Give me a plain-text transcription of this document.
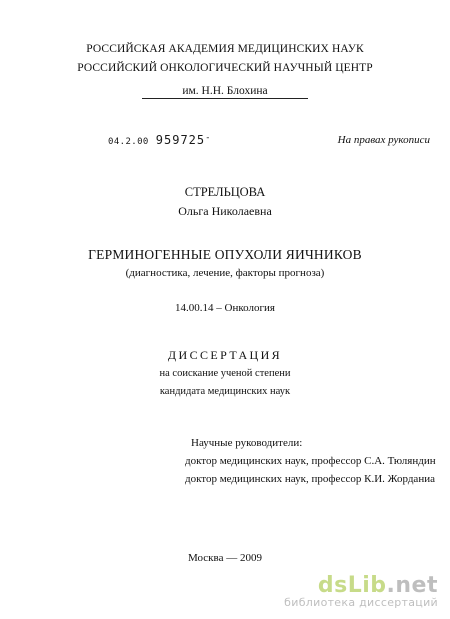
РОССИЙСКАЯ АКАДЕМИЯ МЕДИЦИНСКИХ НАУК
РОССИЙСКИЙ ОНКОЛОГИЧЕСКИЙ НАУЧНЫЙ ЦЕНТР
им. Н.Н. Блохина
04.2.00 959725-	На правах рукописи
СТРЕЛЬЦОВА
Ольга Николаевна
ГЕРМИНОГЕННЫЕ ОПУХОЛИ ЯИЧНИКОВ
(диагностика, лечение, факторы прогноза)
14.00.14 – Онкология
ДИССЕРТАЦИЯ
на соискание ученой степени
кандидата медицинских наук
Научные руководители:
доктор медицинских наук, профессор С.А. Тюляндин
доктор медицинских наук, профессор К.И. Жорданиа
Москва — 2009
dsLib.net
библиотека диссертаций
